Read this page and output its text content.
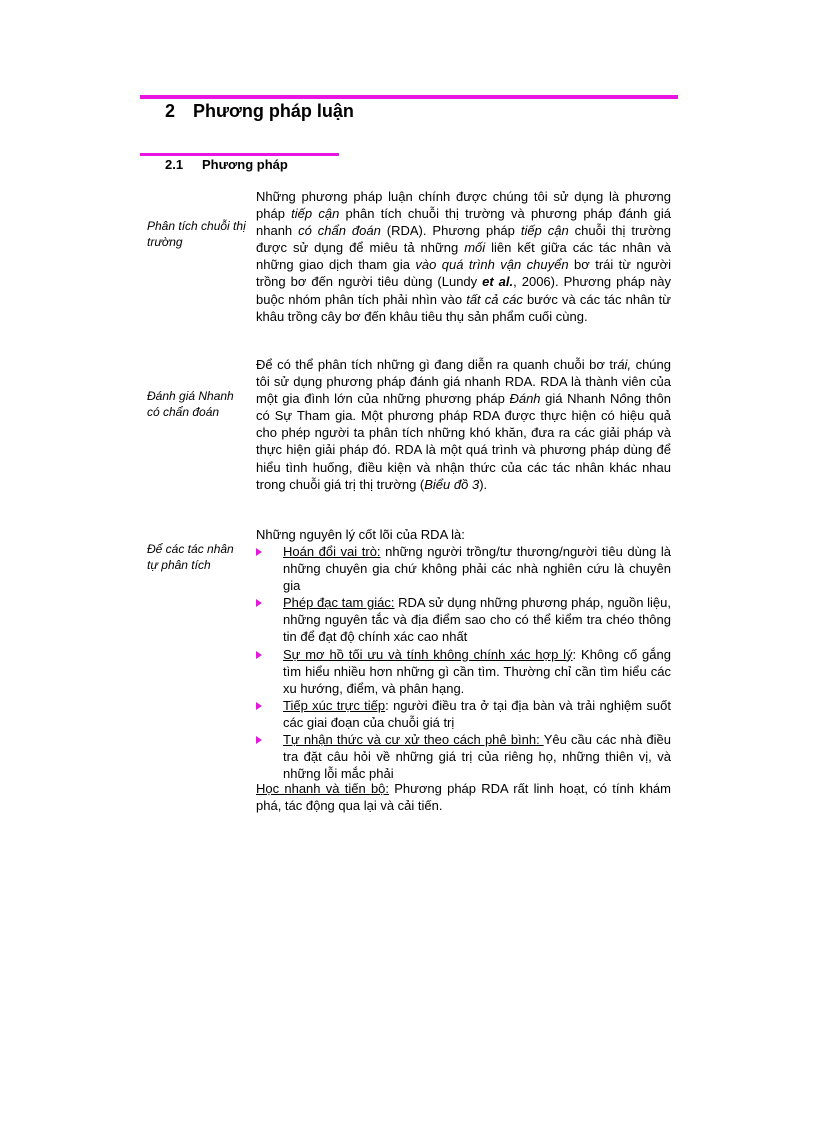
2 Phương pháp luận
2.1 Phương pháp
Phân tích chuỗi thị trường

Những phương pháp luận chính được chúng tôi sử dụng là phương pháp tiếp cận phân tích chuỗi thị trường và phương pháp đánh giá nhanh có chẩn đoán (RDA). Phương pháp tiếp cận chuỗi thị trường được sử dụng để miêu tả những mối liên kết giữa các tác nhân và những giao dịch tham gia vào quá trình vận chuyển bơ trái từ người trồng bơ đến người tiêu dùng (Lundy et al., 2006). Phương pháp này buộc nhóm phân tích phải nhìn vào tất cả các bước và các tác nhân từ khâu trồng cây bơ đến khâu tiêu thụ sản phẩm cuối cùng.

Đánh giá Nhanh có chẩn đoán

Để có thể phân tích những gì đang diễn ra quanh chuỗi bơ trái, chúng tôi sử dụng phương pháp đánh giá nhanh RDA. RDA là thành viên của một gia đình lớn của những phương pháp Đánh giá Nhanh Nông thôn có Sự Tham gia. Một phương pháp RDA được thực hiện có hiệu quả cho phép người ta phân tích những khó khăn, đưa ra các giải pháp và thực hiện giải pháp đó. RDA là một quá trình và phương pháp dùng để hiểu tình huống, điều kiện và nhận thức của các tác nhân khác nhau trong chuỗi giá trị thị trường (Biểu đồ 3).

Để các tác nhân tự phân tích

Những nguyên lý cốt lõi của RDA là:

Hoán đổi vai trò: những người trồng/tư thương/người tiêu dùng là những chuyên gia chứ không phải các nhà nghiên cứu là chuyên gia
Phép đạc tam giác: RDA sử dụng những phương pháp, nguồn liệu, những nguyên tắc và địa điểm sao cho có thể kiểm tra chéo thông tin để đạt độ chính xác cao nhất
Sự mơ hồ tối ưu và tính không chính xác hợp lý: Không cố gắng tìm hiểu nhiều hơn những gì cần tìm. Thường chỉ cần tìm hiểu các xu hướng, điểm, và phân hạng.
Tiếp xúc trực tiếp: người điều tra ở tại địa bàn và trải nghiệm suốt các giai đoạn của chuỗi giá trị
Tự nhận thức và cư xử theo cách phê bình: Yêu cầu các nhà điều tra đặt câu hỏi về những giá trị của riêng họ, những thiên vị, và những lỗi mắc phải

Học nhanh và tiến bộ: Phương pháp RDA rất linh hoạt, có tính khám phá, tác động qua lại và cải tiến.
